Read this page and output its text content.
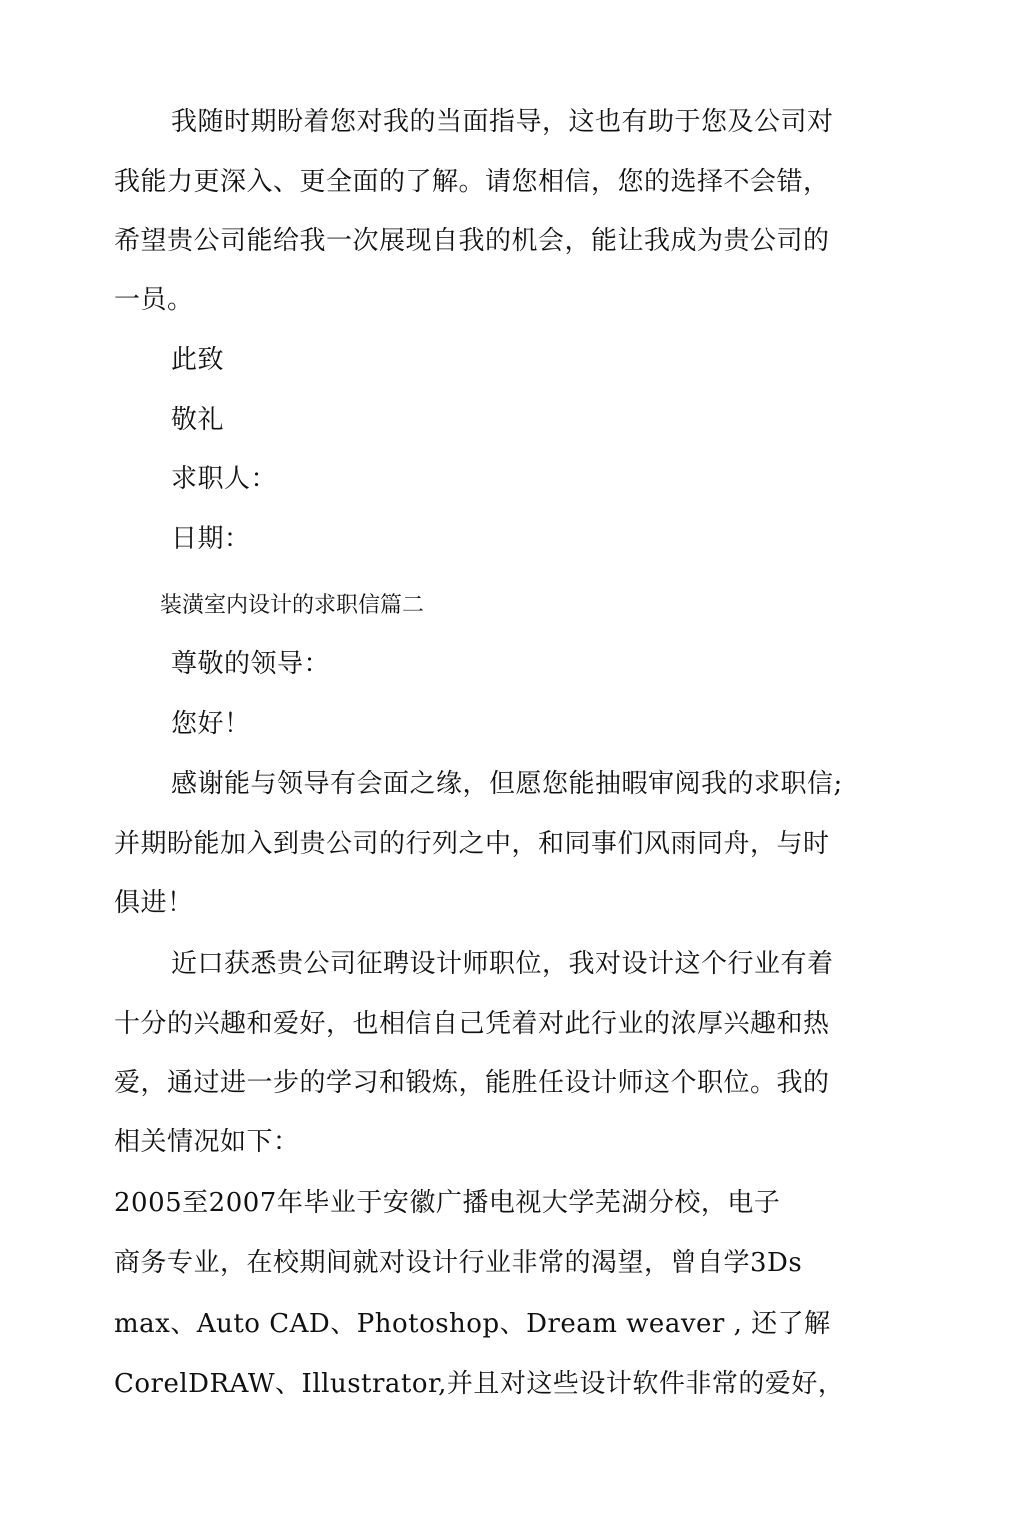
我随时期盼着您对我的当面指导，这也有助于您及公司对
我能力更深入、更全面的了解。请您相信，您的选择不会错，
希望贵公司能给我一次展现自我的机会，能让我成为贵公司的
一员。
此致
敬礼
求职人：
日期：
装潢室内设计的求职信篇二
尊敬的领导：
您好！
感谢能与领导有会面之缘，但愿您能抽暇审阅我的求职信;
并期盼能加入到贵公司的行列之中，和同事们风雨同舟，与时
俱进！
近口获悉贵公司征聘设计师职位，我对设计这个行业有着
十分的兴趣和爱好，也相信自己凭着对此行业的浓厚兴趣和热
爱，通过进一步的学习和锻炼，能胜任设计师这个职位。我的
相关情况如下：
2005至2007年毕业于安徽广播电视大学芜湖分校，电子
商务专业，在校期间就对设计行业非常的渴望，曾自学3Ds
max、Auto CAD、Photoshop、Dream weaver , 还了解
CorelDRAW、Illustrator,并且对这些设计软件非常的爱好，
